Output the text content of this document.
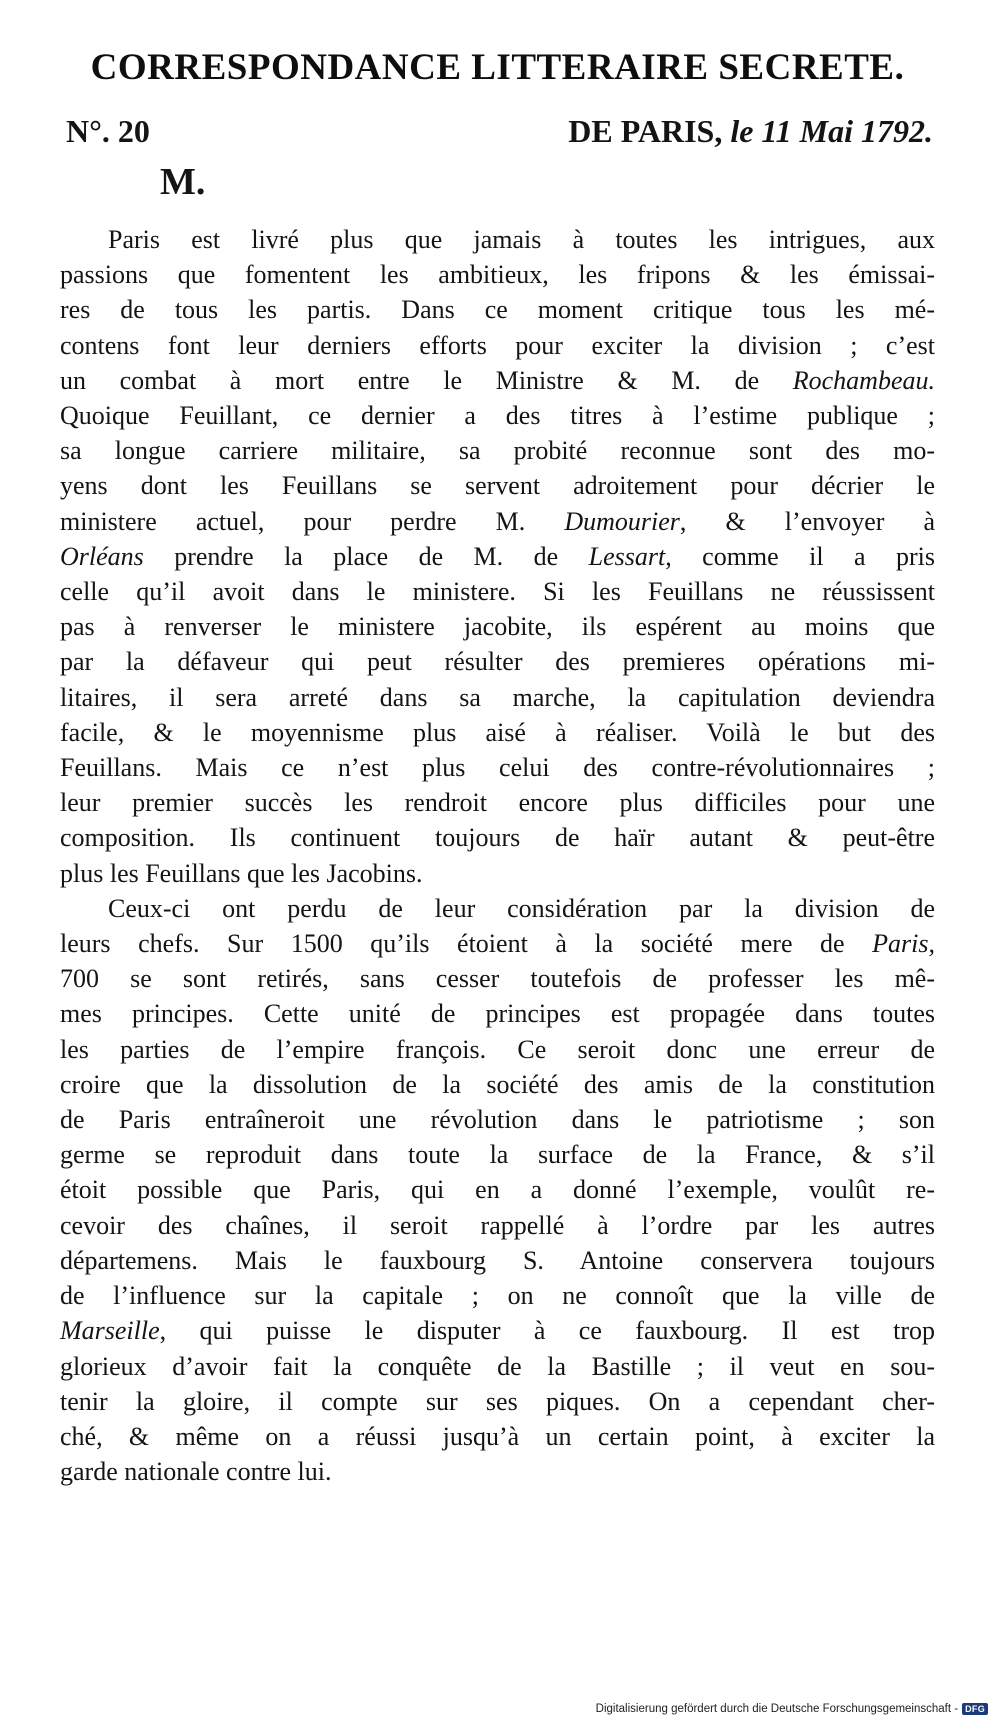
CORRESPONDANCE LITTERAIRE SECRETE.
N°. 20	DE PARIS, le 11 Mai 1792.
M.
Paris est livré plus que jamais à toutes les intrigues, aux
passions que fomentent les ambitieux, les fripons & les émissai-
res de tous les partis. Dans ce moment critique tous les mé-
contens font leur derniers efforts pour exciter la division ; c’est
un combat à mort entre le Ministre & M. de Rochambeau.
Quoique Feuillant, ce dernier a des titres à l’estime publique ;
sa longue carriere militaire, sa probité reconnue sont des mo-
yens dont les Feuillans se servent adroitement pour décrier le
ministere actuel, pour perdre M. Dumourier, & l’envoyer à
Orléans prendre la place de M. de Lessart, comme il a pris
celle qu’il avoit dans le ministere. Si les Feuillans ne réussissent
pas à renverser le ministere jacobite, ils espérent au moins que
par la défaveur qui peut résulter des premieres opérations mi-
litaires, il sera arreté dans sa marche, la capitulation deviendra
facile, & le moyennisme plus aisé à réaliser. Voilà le but des
Feuillans. Mais ce n’est plus celui des contre-révolutionnaires ;
leur premier succès les rendroit encore plus difficiles pour une
composition. Ils continuent toujours de haïr autant & peut-être
plus les Feuillans que les Jacobins.
Ceux-ci ont perdu de leur considération par la division de
leurs chefs. Sur 1500 qu’ils étoient à la société mere de Paris,
700 se sont retirés, sans cesser toutefois de professer les mê-
mes principes. Cette unité de principes est propagée dans toutes
les parties de l’empire françois. Ce seroit donc une erreur de
croire que la dissolution de la société des amis de la constitution
de Paris entraîneroit une révolution dans le patriotisme ; son
germe se reproduit dans toute la surface de la France, & s’il
étoit possible que Paris, qui en a donné l’exemple, voulût re-
cevoir des chaînes, il seroit rappellé à l’ordre par les autres
départemens. Mais le fauxbourg S. Antoine conservera toujours
de l’influence sur la capitale ; on ne connoît que la ville de
Marseille, qui puisse le disputer à ce fauxbourg. Il est trop
glorieux d’avoir fait la conquête de la Bastille ; il veut en sou-
tenir la gloire, il compte sur ses piques. On a cependant cher-
ché, & même on a réussi jusqu’à un certain point, à exciter la
garde nationale contre lui.
Digitalisierung gefördert durch die Deutsche Forschungsgemeinschaft - DFG
